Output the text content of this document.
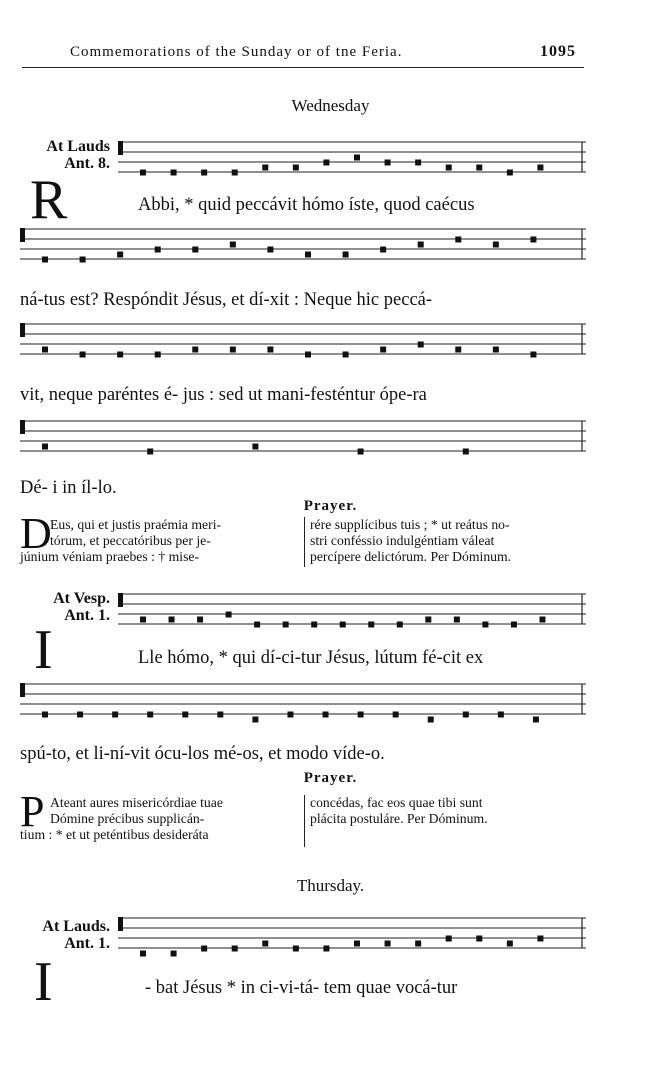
Commemorations of the Sunday or of tne Feria.	1095
Wednesday
At Lauds
Ant. 8.
R	Abbi, * quid peccávit hómo íste, quod caécus
ná-tus est? Respóndit Jésus, et dí-xit : Neque hic peccá-
vit, neque paréntes é- jus : sed ut mani-festéntur ópe-ra
Dé- i in íl-lo.
Prayer.
D
Eus, qui et justis praémia meri-
tórum, et peccatóribus per je-
júnium véniam praebes : † mise-
rére supplícibus tuis ; * ut reátus no-
stri conféssio indulgéntiam váleat
percípere delictórum. Per Dóminum.
At Vesp.
Ant. 1.
I	Lle hómo, * qui dí-ci-tur Jésus, lútum fé-cit ex
spú-to, et li-ní-vit ócu-los mé-os, et modo víde-o.
Prayer.
P Ateant aures misericórdiae tuae
Dómine précibus supplicán-
tium : * et ut peténtibus desideráta
concédas, fac eos quae tibi sunt
plácita postuláre. Per Dóminum.
Thursday.
At Lauds.
Ant. 1.
I	- bat Jésus * in ci-vi-tá- tem quae vocá-tur
